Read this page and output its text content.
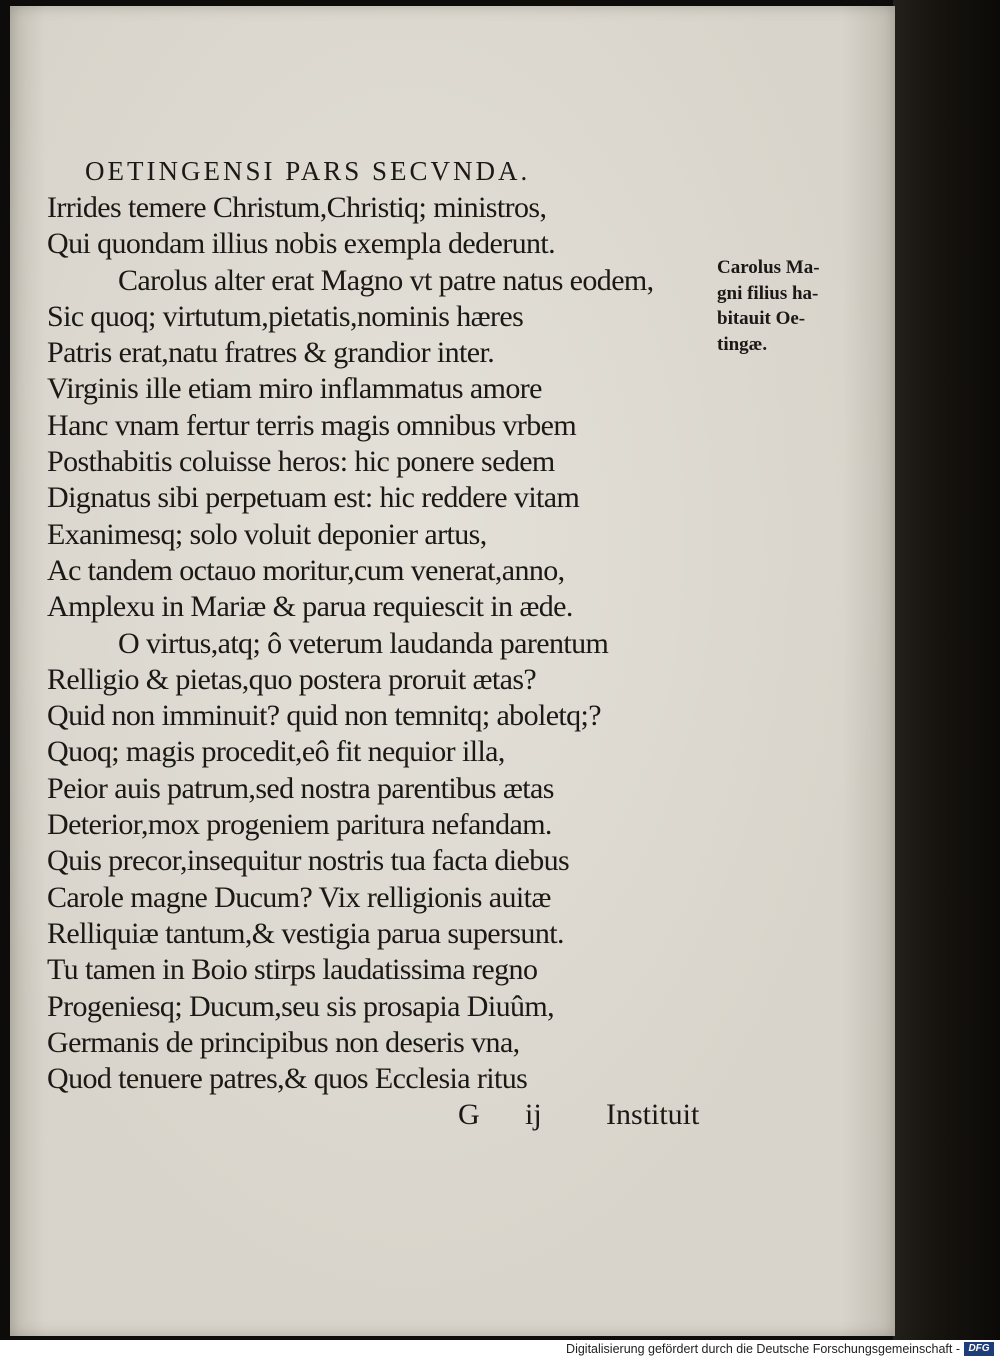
OETINGENSI PARS SECVNDA.
Irrides temere Christum,Christiq; ministros,
Qui quondam illius nobis exempla dederunt.
Carolus alter erat Magno vt patre natus eodem,
Sic quoq; virtutum,pietatis,nominis hæres
Patris erat,natu fratres & grandior inter.
Virginis ille etiam miro inflammatus amore
Hanc vnam fertur terris magis omnibus vrbem
Posthabitis coluisse heros: hic ponere sedem
Dignatus sibi perpetuam est: hic reddere vitam
Exanimesq; solo voluit deponier artus,
Ac tandem octauo moritur,cum venerat,anno,
Amplexu in Mariæ & parua requiescit in æde.
O virtus,atq; ô veterum laudanda parentum
Relligio & pietas,quo postera proruit ætas?
Quid non imminuit? quid non temnitq; aboletq;?
Quoq; magis procedit,eô fit nequior illa,
Peior auis patrum,sed nostra parentibus ætas
Deterior,mox progeniem paritura nefandam.
Quis precor,insequitur nostris tua facta diebus
Carole magne Ducum? Vix relligionis auitæ
Relliquiæ tantum,& vestigia parua supersunt.
Tu tamen in Boio stirps laudatissima regno
Progeniesq; Ducum,seu sis prosapia Diuûm,
Germanis de principibus non deseris vna,
Quod tenuere patres,& quos Ecclesia ritus
Carolus Ma-
gni filius ha-
bitauit Oe-
tingæ.
G ij Instituit
Digitalisierung gefördert durch die Deutsche Forschungsgemeinschaft - DFG
